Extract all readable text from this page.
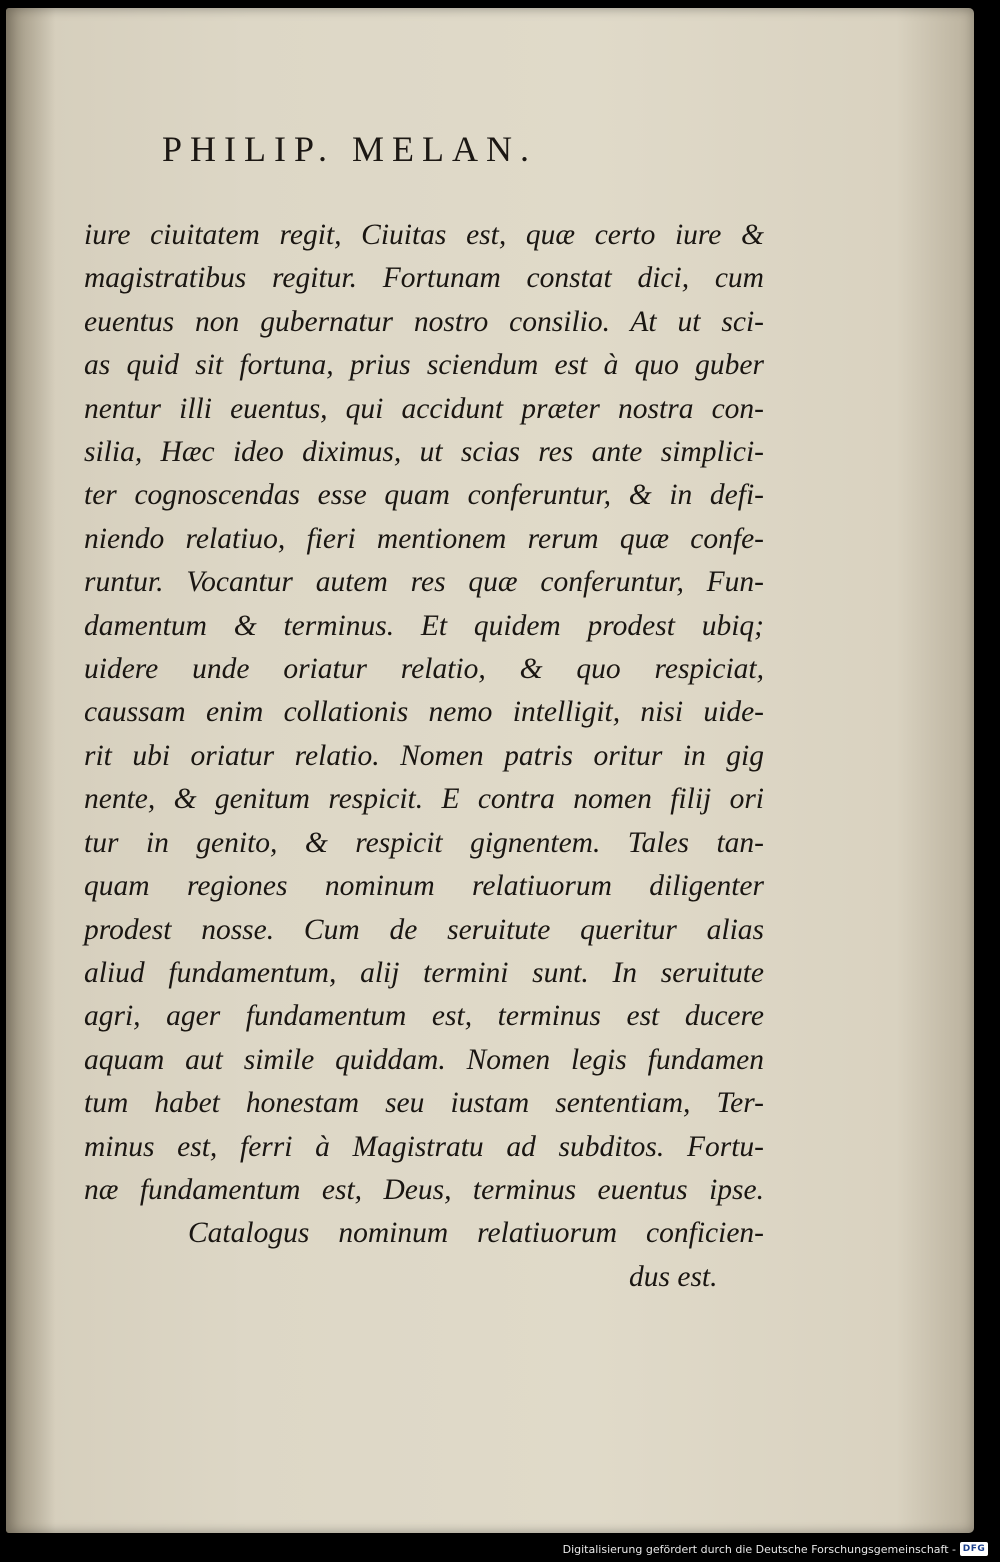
PHILIP. MELAN.
iure ciuitatem regit, Ciuitas est, quæ certo iure &
magistratibus regitur. Fortunam constat dici, cum
euentus non gubernatur nostro consilio. At ut sci-
as quid sit fortuna, prius sciendum est à quo guber
nentur illi euentus, qui accidunt præter nostra con-
silia, Hæc ideo diximus, ut scias res ante simplici-
ter cognoscendas esse quam conferuntur, & in defi-
niendo relatiuo, fieri mentionem rerum quæ confe-
runtur. Vocantur autem res quæ conferuntur, Fun-
damentum & terminus. Et quidem prodest ubiq;
uidere unde oriatur relatio, & quo respiciat,
caussam enim collationis nemo intelligit, nisi uide-
rit ubi oriatur relatio. Nomen patris oritur in gig
nente, & genitum respicit. E contra nomen filij ori
tur in genito, & respicit gignentem. Tales tan-
quam regiones nominum relatiuorum diligenter
prodest nosse. Cum de seruitute queritur alias
aliud fundamentum, alij termini sunt. In seruitute
agri, ager fundamentum est, terminus est ducere
aquam aut simile quiddam. Nomen legis fundamen
tum habet honestam seu iustam sententiam, Ter-
minus est, ferri à Magistratu ad subditos. Fortu-
næ fundamentum est, Deus, terminus euentus ipse.
Catalogus nominum relatiuorum conficien-
dus est.
Digitalisierung gefördert durch die Deutsche Forschungsgemeinschaft - DFG
